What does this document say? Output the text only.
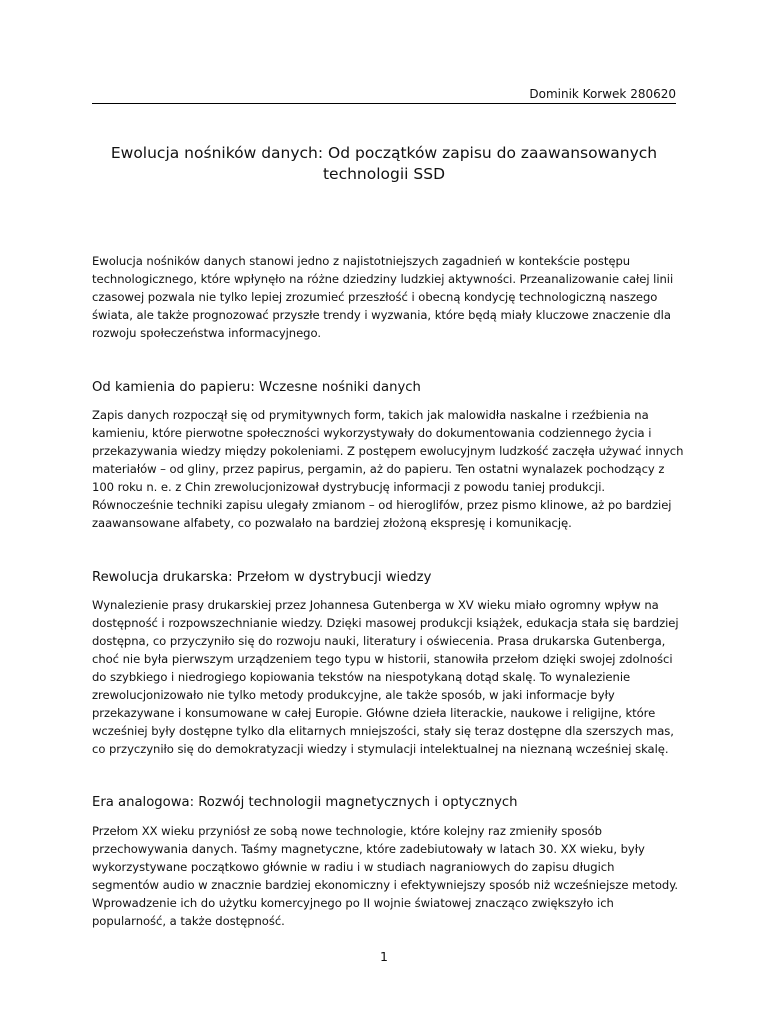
Dominik Korwek 280620
Ewolucja nośników danych: Od początków zapisu do zaawansowanych
technologii SSD
Ewolucja nośników danych stanowi jedno z najistotniejszych zagadnień w kontekście postępu
technologicznego, które wpłynęło na różne dziedziny ludzkiej aktywności. Przeanalizowanie całej linii
czasowej pozwala nie tylko lepiej zrozumieć przeszłość i obecną kondycję technologiczną naszego
świata, ale także prognozować przyszłe trendy i wyzwania, które będą miały kluczowe znaczenie dla
rozwoju społeczeństwa informacyjnego.
Od kamienia do papieru: Wczesne nośniki danych
Zapis danych rozpoczął się od prymitywnych form, takich jak malowidła naskalne i rzeźbienia na
kamieniu, które pierwotne społeczności wykorzystywały do dokumentowania codziennego życia i
przekazywania wiedzy między pokoleniami. Z postępem ewolucyjnym ludzkość zaczęła używać innych
materiałów – od gliny, przez papirus, pergamin, aż do papieru. Ten ostatni wynalazek pochodzący z
100 roku n. e. z Chin zrewolucjonizował dystrybucję informacji z powodu taniej produkcji.
Równocześnie techniki zapisu ulegały zmianom – od hieroglifów, przez pismo klinowe, aż po bardziej
zaawansowane alfabety, co pozwalało na bardziej złożoną ekspresję i komunikację.
Rewolucja drukarska: Przełom w dystrybucji wiedzy
Wynalezienie prasy drukarskiej przez Johannesa Gutenberga w XV wieku miało ogromny wpływ na
dostępność i rozpowszechnianie wiedzy. Dzięki masowej produkcji książek, edukacja stała się bardziej
dostępna, co przyczyniło się do rozwoju nauki, literatury i oświecenia. Prasa drukarska Gutenberga,
choć nie była pierwszym urządzeniem tego typu w historii, stanowiła przełom dzięki swojej zdolności
do szybkiego i niedrogiego kopiowania tekstów na niespotykaną dotąd skalę. To wynalezienie
zrewolucjonizowało nie tylko metody produkcyjne, ale także sposób, w jaki informacje były
przekazywane i konsumowane w całej Europie. Główne dzieła literackie, naukowe i religijne, które
wcześniej były dostępne tylko dla elitarnych mniejszości, stały się teraz dostępne dla szerszych mas,
co przyczyniło się do demokratyzacji wiedzy i stymulacji intelektualnej na nieznaną wcześniej skalę.
Era analogowa: Rozwój technologii magnetycznych i optycznych
Przełom XX wieku przyniósł ze sobą nowe technologie, które kolejny raz zmieniły sposób
przechowywania danych. Taśmy magnetyczne, które zadebiutowały w latach 30. XX wieku, były
wykorzystywane początkowo głównie w radiu i w studiach nagraniowych do zapisu długich
segmentów audio w znacznie bardziej ekonomiczny i efektywniejszy sposób niż wcześniejsze metody.
Wprowadzenie ich do użytku komercyjnego po II wojnie światowej znacząco zwiększyło ich
popularność, a także dostępność.
1
